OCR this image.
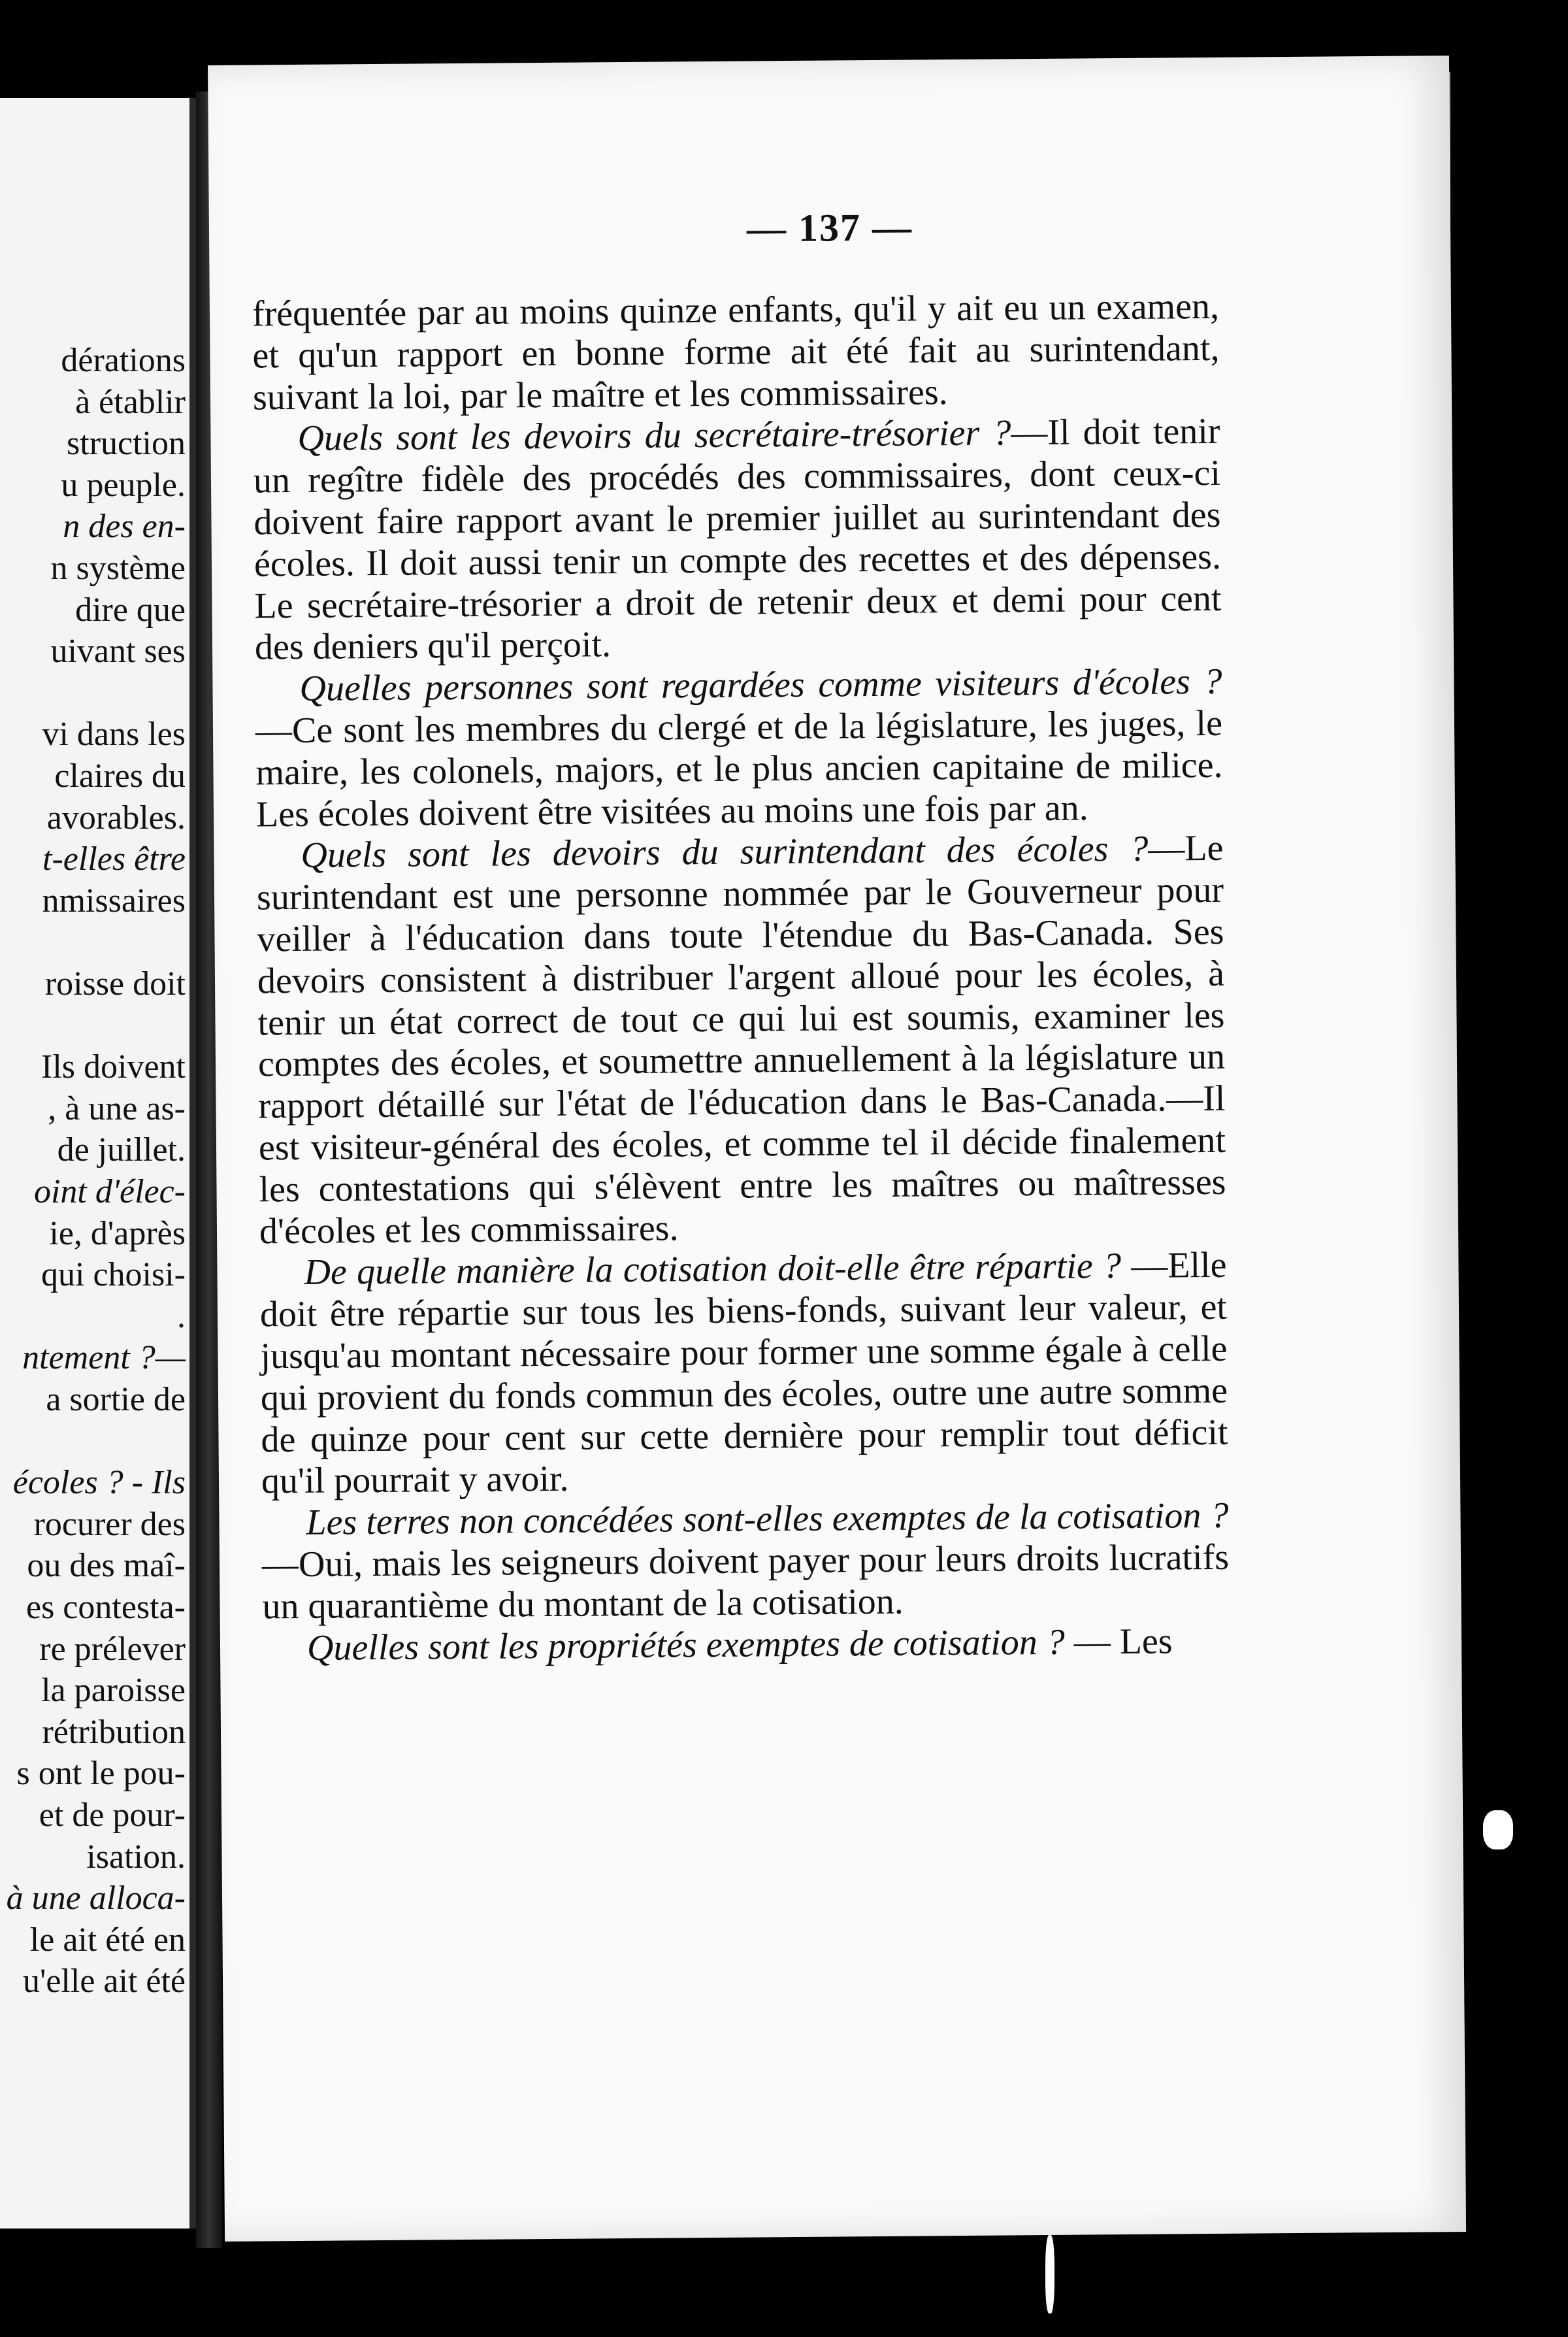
dérations
à établir
struction
u peuple.
n des en-
n système
dire que
uivant ses
vi dans les
claires du
avorables.
t-elles être
nmissaires
roisse doit
Ils doivent
, à une as-
de juillet.
oint d'élec-
ie, d'après
qui choisi-
.
ntement ?—
a sortie de
écoles ? - Ils
rocurer des
ou des maî-
es contesta-
re prélever
la paroisse
rétribution
s ont le pou-
et de pour-
isation.
à une alloca-
le ait été en
u'elle ait été
— 137 —

fréquentée par au moins quinze enfants, qu'il y ait eu un examen, et qu'un rapport en bonne forme ait été fait au surintendant, suivant la loi, par le maître et les commissaires.

Quels sont les devoirs du secrétaire-trésorier ?—Il doit tenir un regître fidèle des procédés des commissaires, dont ceux-ci doivent faire rapport avant le premier juillet au surintendant des écoles. Il doit aussi tenir un compte des recettes et des dépenses. Le secrétaire-trésorier a droit de retenir deux et demi pour cent des deniers qu'il perçoit.

Quelles personnes sont regardées comme visiteurs d'écoles ?—Ce sont les membres du clergé et de la législature, les juges, le maire, les colonels, majors, et le plus ancien capitaine de milice. Les écoles doivent être visitées au moins une fois par an.

Quels sont les devoirs du surintendant des écoles ?—Le surintendant est une personne nommée par le Gouverneur pour veiller à l'éducation dans toute l'étendue du Bas-Canada. Ses devoirs consistent à distribuer l'argent alloué pour les écoles, à tenir un état correct de tout ce qui lui est soumis, examiner les comptes des écoles, et soumettre annuellement à la législature un rapport détaillé sur l'état de l'éducation dans le Bas-Canada.—Il est visiteur-général des écoles, et comme tel il décide finalement les contestations qui s'élèvent entre les maîtres ou maîtresses d'écoles et les commissaires.

De quelle manière la cotisation doit-elle être répartie ? —Elle doit être répartie sur tous les biens-fonds, suivant leur valeur, et jusqu'au montant nécessaire pour former une somme égale à celle qui provient du fonds commun des écoles, outre une autre somme de quinze pour cent sur cette dernière pour remplir tout déficit qu'il pourrait y avoir.

Les terres non concédées sont-elles exemptes de la cotisation ?—Oui, mais les seigneurs doivent payer pour leurs droits lucratifs un quarantième du montant de la cotisation.

Quelles sont les propriétés exemptes de cotisation ? — Les
